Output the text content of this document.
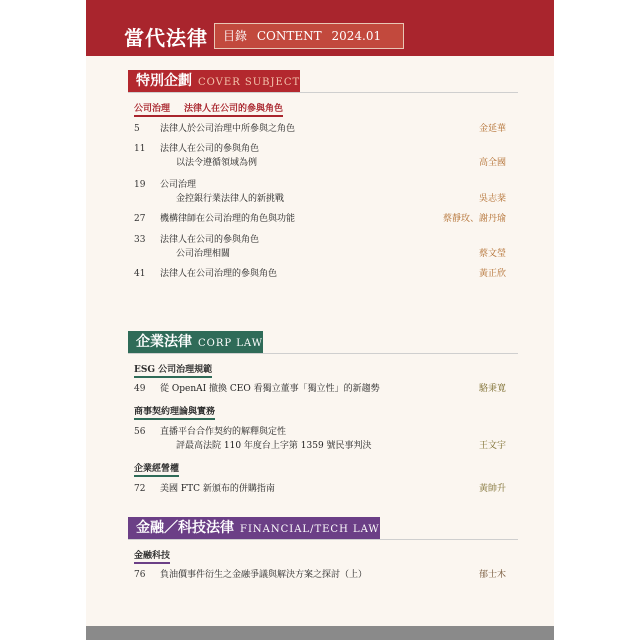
當代法律	目錄 CONTENT 2024.01
特別企劃 COVER SUBJECT
公司治理 法律人在公司的參與角色
5	法律人於公司治理中所參與之角色	金延華
11	法律人在公司的參與角色
以法令遵循領域為例	高全國
19	公司治理
金控銀行業法律人的新挑戰	吳志棻
27	機構律師在公司治理的角色與功能	蔡靜玫、謝丹瑜
33	法律人在公司的參與角色
公司治理相關	蔡文瑩
41	法律人在公司治理的參與角色	黃正欣
企業法律 CORP LAW
ESG 公司治理規範
49	從 OpenAI 撤換 CEO 看獨立董事「獨立性」的新趨勢	駱秉寬
商事契約理論與實務
56	直播平台合作契約的解釋與定性
評最高法院 110 年度台上字第 1359 號民事判決	王文宇
企業經營權
72	美國 FTC 新頒布的併購指南	黃帥升
金融／科技法律 FINANCIAL/TECH LAW
金融科技
76	負油價事件衍生之金融爭議與解決方案之探討（上）	郁士木
